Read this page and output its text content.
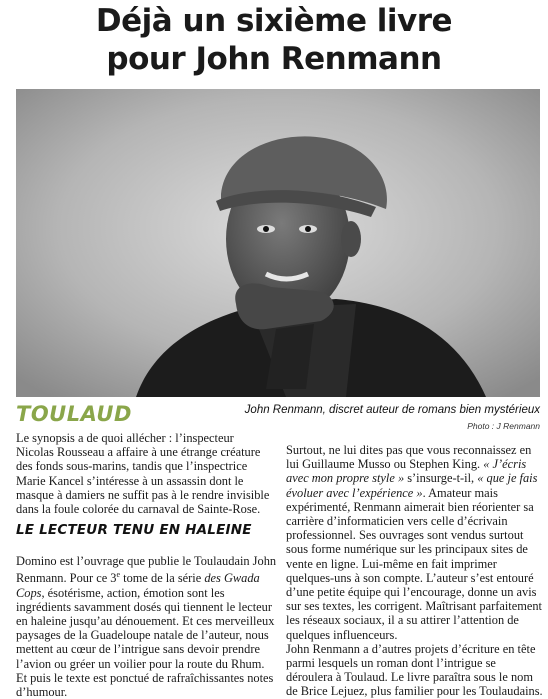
Déjà un sixième livre
pour John Renmann
TOULAUD	John Renmann, discret auteur de romans bien mystérieux
Photo : J Renmann

Le synopsis a de quoi allécher : l’inspecteur Nicolas Rousseau a affaire à une étrange créature des fonds sous-marins, tandis que l’inspectrice Marie Kancel s’intéresse à un assassin dont le masque à damiers ne suffit pas à le rendre invisible dans la foule colorée du carnaval de Sainte-Rose.

LE LECTEUR TENU EN HALEINE

Domino est l’ouvrage que publie le Toulaudain John Renmann. Pour ce 3e tome de la série des Gwada Cops, ésotérisme, action, émotion sont les ingrédients savamment dosés qui tiennent le lecteur en haleine jusqu’au dénouement. Et ces merveilleux paysages de la Guadeloupe natale de l’auteur, nous mettent au cœur de l’intrigue sans devoir prendre l’avion ou gréer un voilier pour la route du Rhum. Et puis le texte est ponctué de rafraîchissantes notes d’humour.

Surtout, ne lui dites pas que vous reconnaissez en lui Guillaume Musso ou Stephen King. « J’écris avec mon propre style » s’insurge-t-il, « que je fais évoluer avec l’expérience ». Amateur mais expérimenté, Renmann aimerait bien réorienter sa carrière d’informaticien vers celle d’écrivain professionnel. Ses ouvrages sont vendus surtout sous forme numérique sur les principaux sites de vente en ligne. Lui-même en fait imprimer quelques-uns à son compte. L’auteur s’est entouré d’une petite équipe qui l’encourage, donne un avis sur ses textes, les corrigent. Maîtrisant parfaitement les réseaux sociaux, il a su attirer l’attention de quelques influenceurs.

John Renmann a d’autres projets d’écriture en tête parmi lesquels un roman dont l’intrigue se déroulera à Toulaud. Le livre paraîtra sous le nom de Brice Lejuez, plus familier pour les Toulaudains.
